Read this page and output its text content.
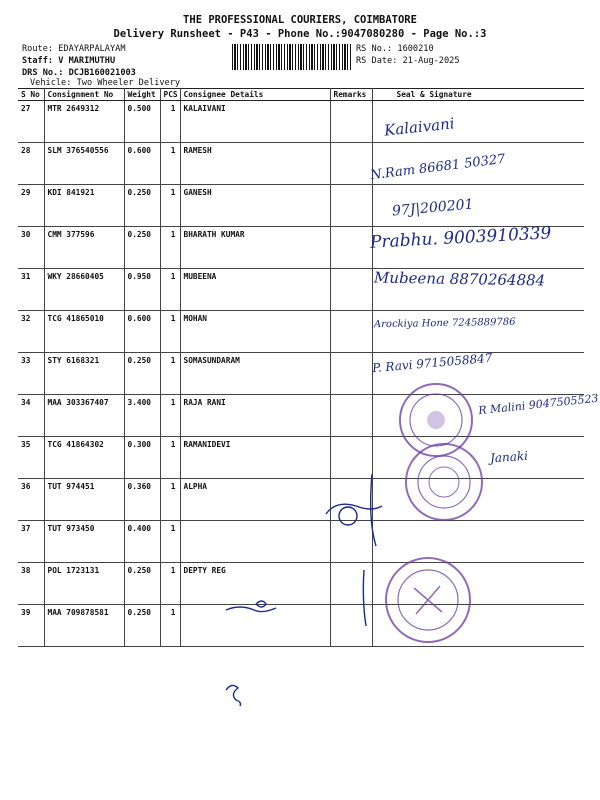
THE PROFESSIONAL COURIERS, COIMBATORE
Delivery Runsheet - P43 - Phone No.:9047080280 - Page No.:3
Route: EDAYARPALAYAM
Staff: V MARIMUTHU
DRS No.: DCJB160021003
Vehicle: Two Wheeler Delivery
RS No.: 1600210
RS Date: 21-Aug-2025
S No	Consignment No	Weight	PCS	Consignee Details	Remarks	Seal & Signature
27	MTR 2649312	0.500	1	KALAIVANI		
28	SLM 376540556	0.600	1	RAMESH		
29	KDI 841921	0.250	1	GANESH		
30	CMM 377596	0.250	1	BHARATH KUMAR		
31	WKY 28660405	0.950	1	MUBEENA		
32	TCG 41865010	0.600	1	MOHAN		
33	STY 6168321	0.250	1	SOMASUNDARAM		
34	MAA 303367407	3.400	1	RAJA RANI		
35	TCG 41864302	0.300	1	RAMANIDEVI		
36	TUT 974451	0.360	1	ALPHA		
37	TUT 973450	0.400	1			
38	POL 1723131	0.250	1	DEPTY REG		
39	MAA 709878581	0.250	1			
Kalaivani
N.Ram 86681 50327
97J|200201
Prabhu. 9003910339
Mubeena 8870264884
Arockiya Hone 7245889786
P. Ravi 9715058847
R Malini 9047505523
Janaki
